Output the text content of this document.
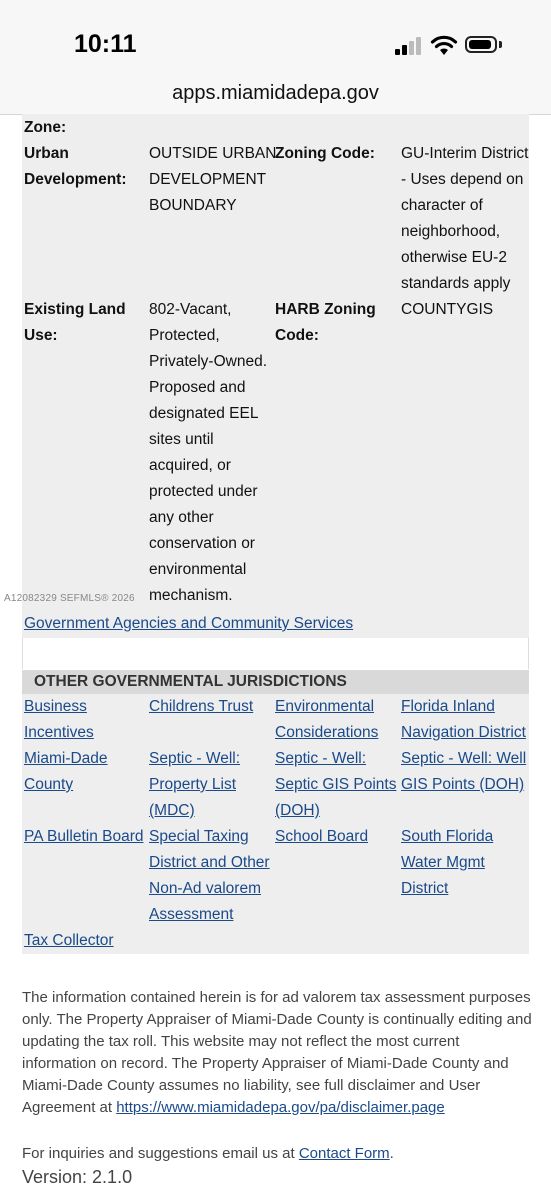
10:11
apps.miamidadepa.gov
Zone:
Urban
Development:
OUTSIDE URBAN
DEVELOPMENT
BOUNDARY
Zoning Code: GU-Interim District
- Uses depend on
character of
neighborhood,
otherwise EU-2
standards apply
Existing Land
Use:
802-Vacant,
Protected,
Privately-Owned.
Proposed and
designated EEL
sites until
acquired, or
protected under
any other
conservation or
environmental
mechanism.
HARB Zoning
Code:
COUNTYGIS
Government Agencies and Community Services
A12082329 SEFMLS® 2026
OTHER GOVERNMENTAL JURISDICTIONS
Business
Incentives
Childrens Trust Environmental
Considerations
Florida Inland
Navigation District
Miami-Dade
County
Septic - Well:
Property List
(MDC)
Septic - Well:
Septic GIS Points
(DOH)
Septic - Well: Well
GIS Points (DOH)
PA Bulletin Board Special Taxing
District and Other
Non-Ad valorem
Assessment
School Board South Florida
Water Mgmt
District
Tax Collector
The information contained herein is for ad valorem tax assessment purposes only. The Property Appraiser of Miami-Dade County is continually editing and updating the tax roll. This website may not reflect the most current information on record. The Property Appraiser of Miami-Dade County and Miami-Dade County assumes no liability, see full disclaimer and User Agreement at https://www.miamidadepa.gov/pa/disclaimer.page
For inquiries and suggestions email us at Contact Form.
Version: 2.1.0
